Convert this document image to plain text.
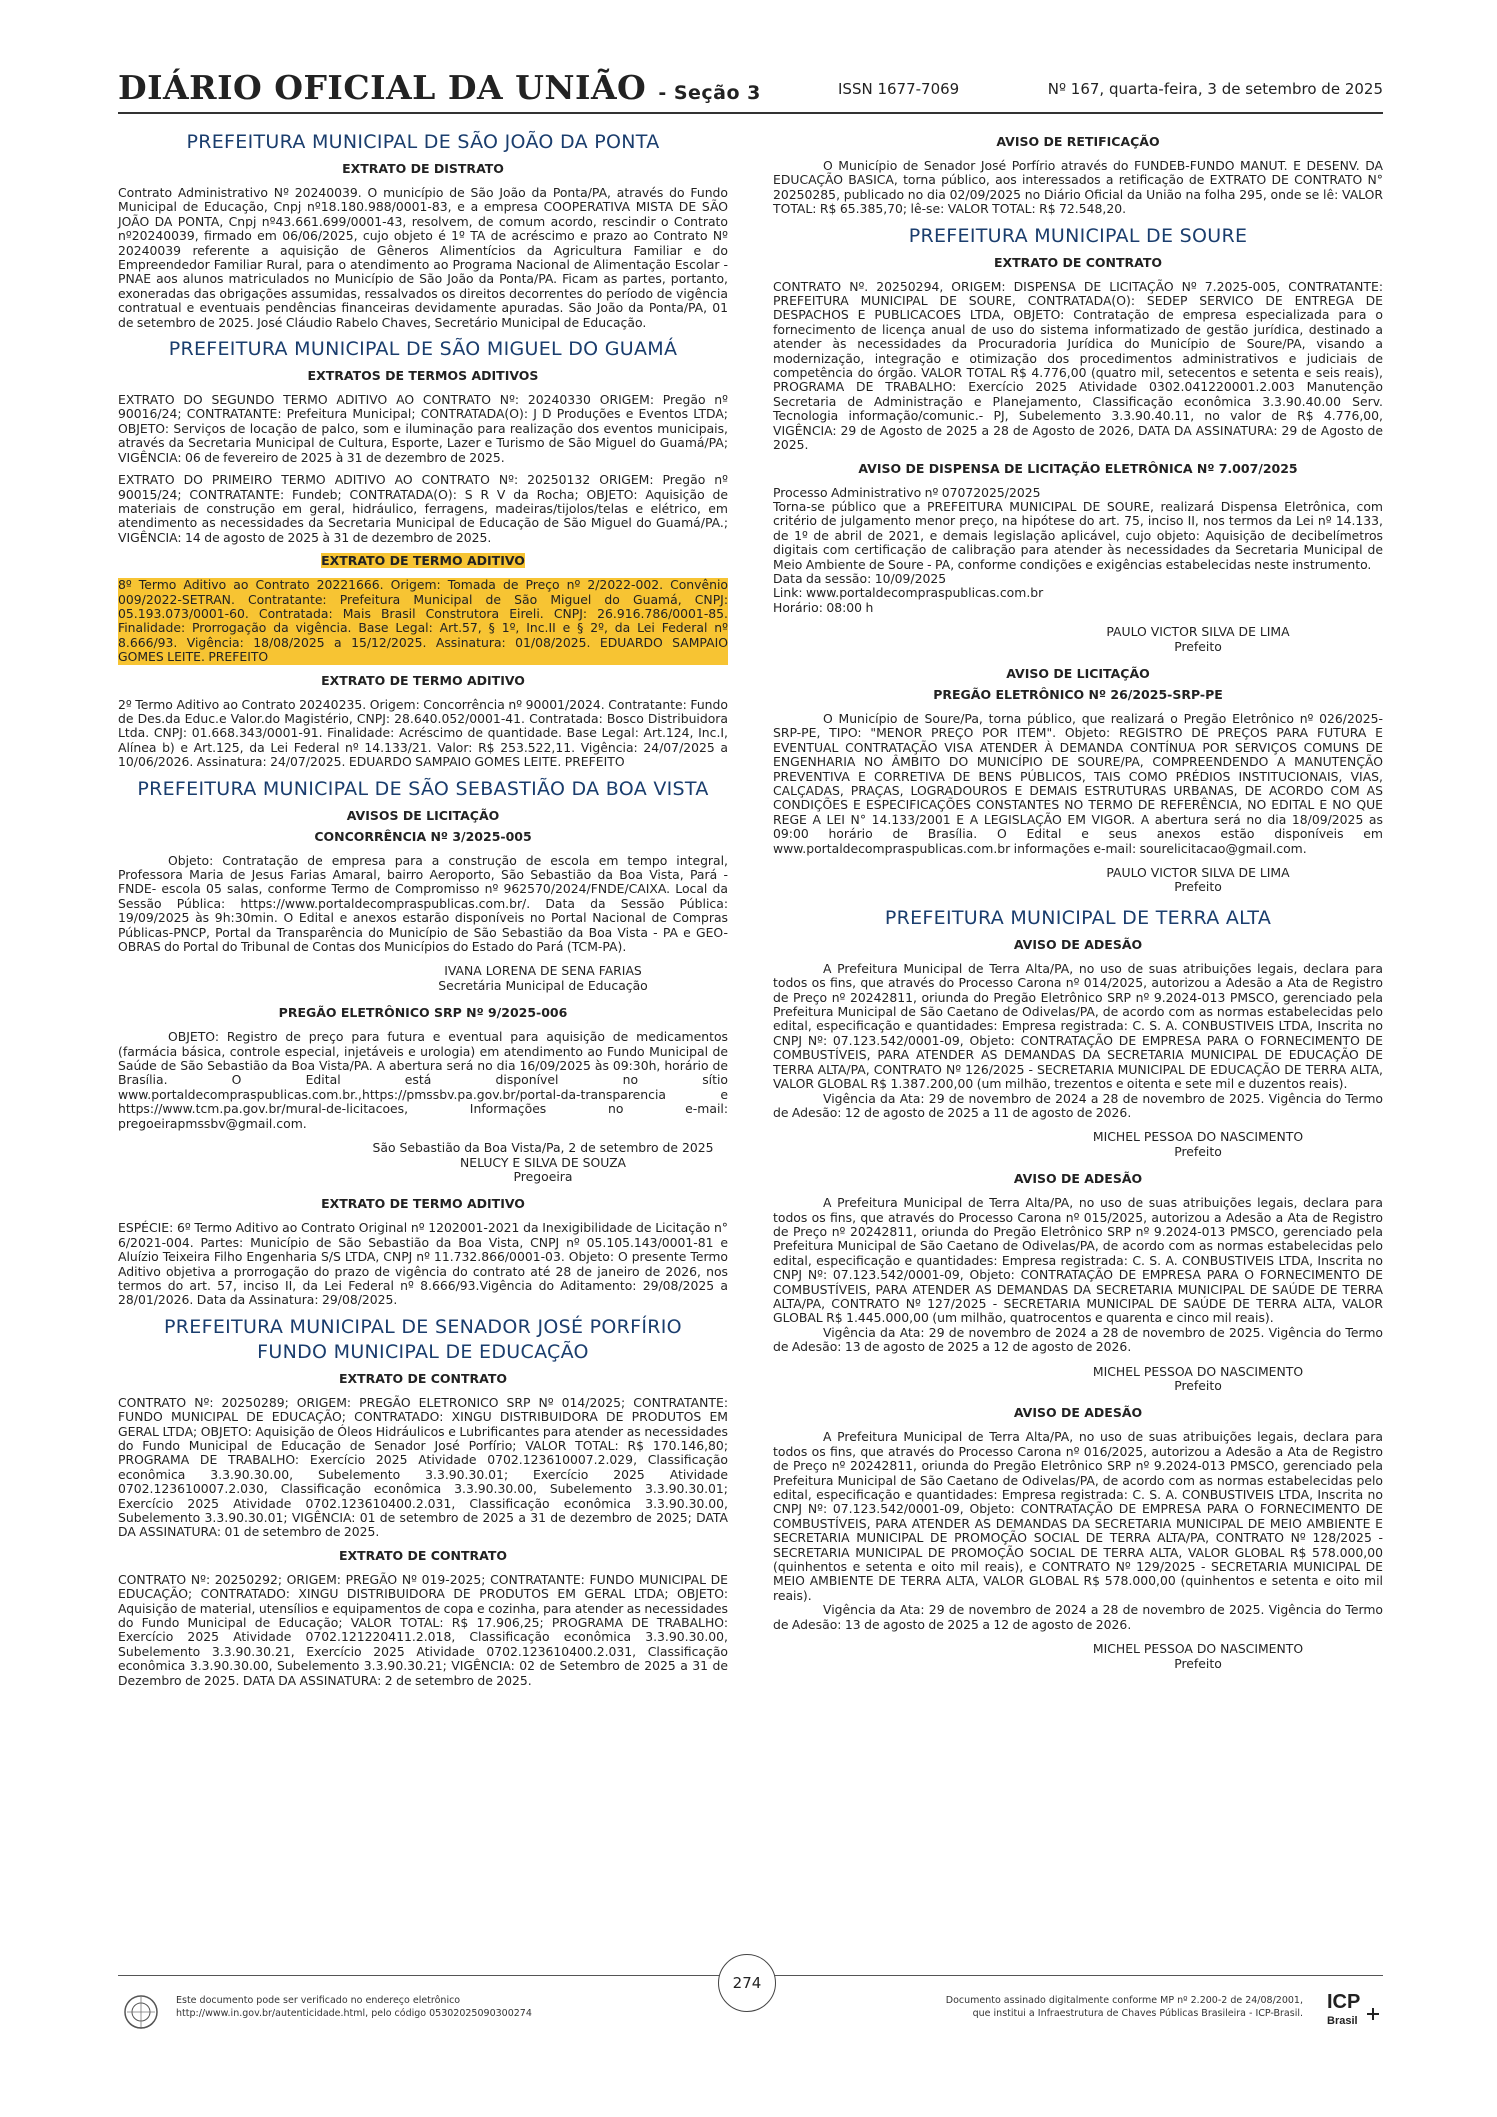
DIÁRIO OFICIAL DA UNIÃO - Seção 3	ISSN 1677-7069	Nº 167, quarta-feira, 3 de setembro de 2025
PREFEITURA MUNICIPAL DE SÃO JOÃO DA PONTA
EXTRATO DE DISTRATO
Contrato Administrativo Nº 20240039. O município de São João da Ponta/PA, através do Fundo Municipal de Educação, Cnpj nº18.180.988/0001-83, e a empresa COOPERATIVA MISTA DE SÃO JOÃO DA PONTA, Cnpj nº43.661.699/0001-43, resolvem, de comum acordo, rescindir o Contrato nº20240039, firmado em 06/06/2025, cujo objeto é 1º TA de acréscimo e prazo ao Contrato Nº 20240039 referente a aquisição de Gêneros Alimentícios da Agricultura Familiar e do Empreendedor Familiar Rural, para o atendimento ao Programa Nacional de Alimentação Escolar - PNAE aos alunos matriculados no Município de São João da Ponta/PA. Ficam as partes, portanto, exoneradas das obrigações assumidas, ressalvados os direitos decorrentes do período de vigência contratual e eventuais pendências financeiras devidamente apuradas. São João da Ponta/PA, 01 de setembro de 2025. José Cláudio Rabelo Chaves, Secretário Municipal de Educação.
PREFEITURA MUNICIPAL DE SÃO MIGUEL DO GUAMÁ
EXTRATOS DE TERMOS ADITIVOS
EXTRATO DO SEGUNDO TERMO ADITIVO AO CONTRATO Nº: 20240330 ORIGEM: Pregão nº 90016/24; CONTRATANTE: Prefeitura Municipal; CONTRATADA(O): J D Produções e Eventos LTDA; OBJETO: Serviços de locação de palco, som e iluminação para realização dos eventos municipais, através da Secretaria Municipal de Cultura, Esporte, Lazer e Turismo de São Miguel do Guamá/PA; VIGÊNCIA: 06 de fevereiro de 2025 à 31 de dezembro de 2025.
EXTRATO DO PRIMEIRO TERMO ADITIVO AO CONTRATO Nº: 20250132 ORIGEM: Pregão nº 90015/24; CONTRATANTE: Fundeb; CONTRATADA(O): S R V da Rocha; OBJETO: Aquisição de materiais de construção em geral, hidráulico, ferragens, madeiras/tijolos/telas e elétrico, em atendimento as necessidades da Secretaria Municipal de Educação de São Miguel do Guamá/PA.; VIGÊNCIA: 14 de agosto de 2025 à 31 de dezembro de 2025.
EXTRATO DE TERMO ADITIVO
8º Termo Aditivo ao Contrato 20221666. Origem: Tomada de Preço nº 2/2022-002. Convênio 009/2022-SETRAN. Contratante: Prefeitura Municipal de São Miguel do Guamá, CNPJ: 05.193.073/0001-60. Contratada: Mais Brasil Construtora Eireli. CNPJ: 26.916.786/0001-85. Finalidade: Prorrogação da vigência. Base Legal: Art.57, § 1º, Inc.II e § 2º, da Lei Federal nº 8.666/93. Vigência: 18/08/2025 a 15/12/2025. Assinatura: 01/08/2025. EDUARDO SAMPAIO GOMES LEITE. PREFEITO
EXTRATO DE TERMO ADITIVO
2º Termo Aditivo ao Contrato 20240235. Origem: Concorrência nº 90001/2024. Contratante: Fundo de Des.da Educ.e Valor.do Magistério, CNPJ: 28.640.052/0001-41. Contratada: Bosco Distribuidora Ltda. CNPJ: 01.668.343/0001-91. Finalidade: Acréscimo de quantidade. Base Legal: Art.124, Inc.I, Alínea b) e Art.125, da Lei Federal nº 14.133/21. Valor: R$ 253.522,11. Vigência: 24/07/2025 a 10/06/2026. Assinatura: 24/07/2025. EDUARDO SAMPAIO GOMES LEITE. PREFEITO
PREFEITURA MUNICIPAL DE SÃO SEBASTIÃO DA BOA VISTA
AVISOS DE LICITAÇÃO
CONCORRÊNCIA Nº 3/2025-005
Objeto: Contratação de empresa para a construção de escola em tempo integral, Professora Maria de Jesus Farias Amaral, bairro Aeroporto, São Sebastião da Boa Vista, Pará - FNDE- escola 05 salas, conforme Termo de Compromisso nº 962570/2024/FNDE/CAIXA. Local da Sessão Pública: https://www.portaldecompraspublicas.com.br/. Data da Sessão Pública: 19/09/2025 às 9h:30min. O Edital e anexos estarão disponíveis no Portal Nacional de Compras Públicas-PNCP, Portal da Transparência do Município de São Sebastião da Boa Vista - PA e GEO-OBRAS do Portal do Tribunal de Contas dos Municípios do Estado do Pará (TCM-PA).
IVANA LORENA DE SENA FARIAS
Secretária Municipal de Educação
PREGÃO ELETRÔNICO SRP Nº 9/2025-006
OBJETO: Registro de preço para futura e eventual para aquisição de medicamentos (farmácia básica, controle especial, injetáveis e urologia) em atendimento ao Fundo Municipal de Saúde de São Sebastião da Boa Vista/PA. A abertura será no dia 16/09/2025 às 09:30h, horário de Brasília. O Edital está disponível no sítio www.portaldecompraspublicas.com.br.,https://pmssbv.pa.gov.br/portal-da-transparencia e https://www.tcm.pa.gov.br/mural-de-licitacoes, Informações no e-mail: pregoeirapmssbv@gmail.com.
São Sebastião da Boa Vista/Pa, 2 de setembro de 2025
NELUCY E SILVA DE SOUZA
Pregoeira
EXTRATO DE TERMO ADITIVO
ESPÉCIE: 6º Termo Aditivo ao Contrato Original nº 1202001-2021 da Inexigibilidade de Licitação n° 6/2021-004. Partes: Município de São Sebastião da Boa Vista, CNPJ nº 05.105.143/0001-81 e Aluízio Teixeira Filho Engenharia S/S LTDA, CNPJ nº 11.732.866/0001-03. Objeto: O presente Termo Aditivo objetiva a prorrogação do prazo de vigência do contrato até 28 de janeiro de 2026, nos termos do art. 57, inciso II, da Lei Federal nº 8.666/93.Vigência do Aditamento: 29/08/2025 a 28/01/2026. Data da Assinatura: 29/08/2025.
PREFEITURA MUNICIPAL DE SENADOR JOSÉ PORFÍRIO
FUNDO MUNICIPAL DE EDUCAÇÃO
EXTRATO DE CONTRATO
CONTRATO Nº: 20250289; ORIGEM: PREGÃO ELETRONICO SRP Nº 014/2025; CONTRATANTE: FUNDO MUNICIPAL DE EDUCAÇÃO; CONTRATADO: XINGU DISTRIBUIDORA DE PRODUTOS EM GERAL LTDA; OBJETO: Aquisição de Óleos Hidráulicos e Lubrificantes para atender as necessidades do Fundo Municipal de Educação de Senador José Porfírio; VALOR TOTAL: R$ 170.146,80; PROGRAMA DE TRABALHO: Exercício 2025 Atividade 0702.123610007.2.029, Classificação econômica 3.3.90.30.00, Subelemento 3.3.90.30.01; Exercício 2025 Atividade 0702.123610007.2.030, Classificação econômica 3.3.90.30.00, Subelemento 3.3.90.30.01; Exercício 2025 Atividade 0702.123610400.2.031, Classificação econômica 3.3.90.30.00, Subelemento 3.3.90.30.01; VIGÊNCIA: 01 de setembro de 2025 a 31 de dezembro de 2025; DATA DA ASSINATURA: 01 de setembro de 2025.
EXTRATO DE CONTRATO
CONTRATO Nº: 20250292; ORIGEM: PREGÃO Nº 019-2025; CONTRATANTE: FUNDO MUNICIPAL DE EDUCAÇÃO; CONTRATADO: XINGU DISTRIBUIDORA DE PRODUTOS EM GERAL LTDA; OBJETO: Aquisição de material, utensílios e equipamentos de copa e cozinha, para atender as necessidades do Fundo Municipal de Educação; VALOR TOTAL: R$ 17.906,25; PROGRAMA DE TRABALHO: Exercício 2025 Atividade 0702.121220411.2.018, Classificação econômica 3.3.90.30.00, Subelemento 3.3.90.30.21, Exercício 2025 Atividade 0702.123610400.2.031, Classificação econômica 3.3.90.30.00, Subelemento 3.3.90.30.21; VIGÊNCIA: 02 de Setembro de 2025 a 31 de Dezembro de 2025. DATA DA ASSINATURA: 2 de setembro de 2025.
AVISO DE RETIFICAÇÃO
O Município de Senador José Porfírio através do FUNDEB-FUNDO MANUT. E DESENV. DA EDUCAÇÃO BASICA, torna público, aos interessados a retificação de EXTRATO DE CONTRATO N° 20250285, publicado no dia 02/09/2025 no Diário Oficial da União na folha 295, onde se lê: VALOR TOTAL: R$ 65.385,70; lê-se: VALOR TOTAL: R$ 72.548,20.
PREFEITURA MUNICIPAL DE SOURE
EXTRATO DE CONTRATO
CONTRATO Nº. 20250294, ORIGEM: DISPENSA DE LICITAÇÃO Nº 7.2025-005, CONTRATANTE: PREFEITURA MUNICIPAL DE SOURE, CONTRATADA(O): SEDEP SERVICO DE ENTREGA DE DESPACHOS E PUBLICACOES LTDA, OBJETO: Contratação de empresa especializada para o fornecimento de licença anual de uso do sistema informatizado de gestão jurídica, destinado a atender às necessidades da Procuradoria Jurídica do Município de Soure/PA, visando a modernização, integração e otimização dos procedimentos administrativos e judiciais de competência do órgão. VALOR TOTAL R$ 4.776,00 (quatro mil, setecentos e setenta e seis reais), PROGRAMA DE TRABALHO: Exercício 2025 Atividade 0302.041220001.2.003 Manutenção Secretaria de Administração e Planejamento, Classificação econômica 3.3.90.40.00 Serv. Tecnologia informação/comunic.- PJ, Subelemento 3.3.90.40.11, no valor de R$ 4.776,00, VIGÊNCIA: 29 de Agosto de 2025 a 28 de Agosto de 2026, DATA DA ASSINATURA: 29 de Agosto de 2025.
AVISO DE DISPENSA DE LICITAÇÃO ELETRÔNICA Nº 7.007/2025
Processo Administrativo nº 07072025/2025
Torna-se público que a PREFEITURA MUNICIPAL DE SOURE, realizará Dispensa Eletrônica, com critério de julgamento menor preço, na hipótese do art. 75, inciso II, nos termos da Lei nº 14.133, de 1º de abril de 2021, e demais legislação aplicável, cujo objeto: Aquisição de decibelímetros digitais com certificação de calibração para atender às necessidades da Secretaria Municipal de Meio Ambiente de Soure - PA, conforme condições e exigências estabelecidas neste instrumento.
Data da sessão: 10/09/2025
Link: www.portaldecompraspublicas.com.br
Horário: 08:00 h
PAULO VICTOR SILVA DE LIMA
Prefeito
AVISO DE LICITAÇÃO
PREGÃO ELETRÔNICO Nº 26/2025-SRP-PE
O Município de Soure/Pa, torna público, que realizará o Pregão Eletrônico nº 026/2025-SRP-PE, TIPO: "MENOR PREÇO POR ITEM". Objeto: REGISTRO DE PREÇOS PARA FUTURA E EVENTUAL CONTRATAÇÃO VISA ATENDER À DEMANDA CONTÍNUA POR SERVIÇOS COMUNS DE ENGENHARIA NO ÂMBITO DO MUNICÍPIO DE SOURE/PA, COMPREENDENDO A MANUTENÇÃO PREVENTIVA E CORRETIVA DE BENS PÚBLICOS, TAIS COMO PRÉDIOS INSTITUCIONAIS, VIAS, CALÇADAS, PRAÇAS, LOGRADOUROS E DEMAIS ESTRUTURAS URBANAS, DE ACORDO COM AS CONDIÇÕES E ESPECIFICAÇÕES CONSTANTES NO TERMO DE REFERÊNCIA, NO EDITAL E NO QUE REGE A LEI N° 14.133/2001 E A LEGISLAÇÃO EM VIGOR. A abertura será no dia 18/09/2025 as 09:00 horário de Brasília. O Edital e seus anexos estão disponíveis em www.portaldecompraspublicas.com.br informações e-mail: sourelicitacao@gmail.com.
PAULO VICTOR SILVA DE LIMA
Prefeito
PREFEITURA MUNICIPAL DE TERRA ALTA
AVISO DE ADESÃO
A Prefeitura Municipal de Terra Alta/PA, no uso de suas atribuições legais, declara para todos os fins, que através do Processo Carona nº 014/2025, autorizou a Adesão a Ata de Registro de Preço nº 20242811, oriunda do Pregão Eletrônico SRP nº 9.2024-013 PMSCO, gerenciado pela Prefeitura Municipal de São Caetano de Odivelas/PA, de acordo com as normas estabelecidas pelo edital, especificação e quantidades: Empresa registrada: C. S. A. CONBUSTIVEIS LTDA, Inscrita no CNPJ Nº: 07.123.542/0001-09, Objeto: CONTRATAÇÃO DE EMPRESA PARA O FORNECIMENTO DE COMBUSTÍVEIS, PARA ATENDER AS DEMANDAS DA SECRETARIA MUNICIPAL DE EDUCAÇÃO DE TERRA ALTA/PA, CONTRATO Nº 126/2025 - SECRETARIA MUNICIPAL DE EDUCAÇÃO DE TERRA ALTA, VALOR GLOBAL R$ 1.387.200,00 (um milhão, trezentos e oitenta e sete mil e duzentos reais).
Vigência da Ata: 29 de novembro de 2024 a 28 de novembro de 2025. Vigência do Termo de Adesão: 12 de agosto de 2025 a 11 de agosto de 2026.
MICHEL PESSOA DO NASCIMENTO
Prefeito
AVISO DE ADESÃO
A Prefeitura Municipal de Terra Alta/PA, no uso de suas atribuições legais, declara para todos os fins, que através do Processo Carona nº 015/2025, autorizou a Adesão a Ata de Registro de Preço nº 20242811, oriunda do Pregão Eletrônico SRP nº 9.2024-013 PMSCO, gerenciado pela Prefeitura Municipal de São Caetano de Odivelas/PA, de acordo com as normas estabelecidas pelo edital, especificação e quantidades: Empresa registrada: C. S. A. CONBUSTIVEIS LTDA, Inscrita no CNPJ Nº: 07.123.542/0001-09, Objeto: CONTRATAÇÃO DE EMPRESA PARA O FORNECIMENTO DE COMBUSTÍVEIS, PARA ATENDER AS DEMANDAS DA SECRETARIA MUNICIPAL DE SAÚDE DE TERRA ALTA/PA, CONTRATO Nº 127/2025 - SECRETARIA MUNICIPAL DE SAÚDE DE TERRA ALTA, VALOR GLOBAL R$ 1.445.000,00 (um milhão, quatrocentos e quarenta e cinco mil reais).
Vigência da Ata: 29 de novembro de 2024 a 28 de novembro de 2025. Vigência do Termo de Adesão: 13 de agosto de 2025 a 12 de agosto de 2026.
MICHEL PESSOA DO NASCIMENTO
Prefeito
AVISO DE ADESÃO
A Prefeitura Municipal de Terra Alta/PA, no uso de suas atribuições legais, declara para todos os fins, que através do Processo Carona nº 016/2025, autorizou a Adesão a Ata de Registro de Preço nº 20242811, oriunda do Pregão Eletrônico SRP nº 9.2024-013 PMSCO, gerenciado pela Prefeitura Municipal de São Caetano de Odivelas/PA, de acordo com as normas estabelecidas pelo edital, especificação e quantidades: Empresa registrada: C. S. A. CONBUSTIVEIS LTDA, Inscrita no CNPJ Nº: 07.123.542/0001-09, Objeto: CONTRATAÇÃO DE EMPRESA PARA O FORNECIMENTO DE COMBUSTÍVEIS, PARA ATENDER AS DEMANDAS DA SECRETARIA MUNICIPAL DE MEIO AMBIENTE E SECRETARIA MUNICIPAL DE PROMOÇÃO SOCIAL DE TERRA ALTA/PA, CONTRATO Nº 128/2025 - SECRETARIA MUNICIPAL DE PROMOÇÃO SOCIAL DE TERRA ALTA, VALOR GLOBAL R$ 578.000,00 (quinhentos e setenta e oito mil reais), e CONTRATO Nº 129/2025 - SECRETARIA MUNICIPAL DE MEIO AMBIENTE DE TERRA ALTA, VALOR GLOBAL R$ 578.000,00 (quinhentos e setenta e oito mil reais).
Vigência da Ata: 29 de novembro de 2024 a 28 de novembro de 2025. Vigência do Termo de Adesão: 13 de agosto de 2025 a 12 de agosto de 2026.
MICHEL PESSOA DO NASCIMENTO
Prefeito
Este documento pode ser verificado no endereço eletrônico
http://www.in.gov.br/autenticidade.html, pelo código 05302025090300274
274
Documento assinado digitalmente conforme MP nº 2.200-2 de 24/08/2001,
que institui a Infraestrutura de Chaves Públicas Brasileira - ICP-Brasil.
ICP
Brasil
